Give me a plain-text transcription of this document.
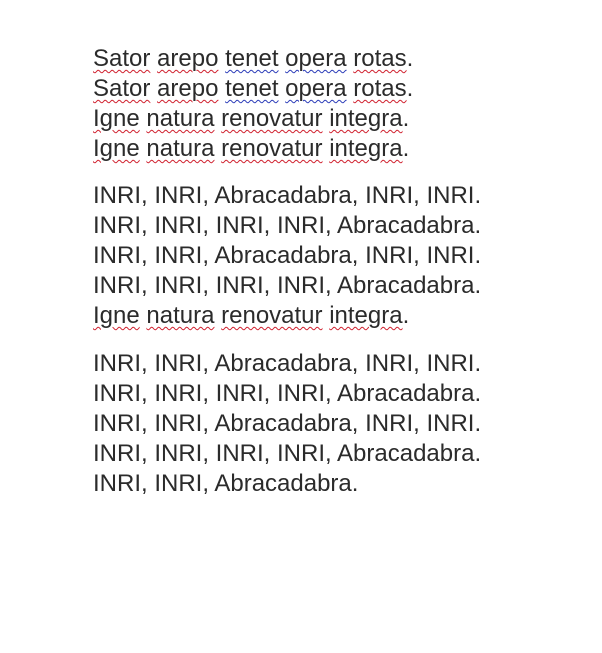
Sator arepo tenet opera rotas.
Sator arepo tenet opera rotas.
Igne natura renovatur integra.
Igne natura renovatur integra.
INRI, INRI, Abracadabra, INRI, INRI.
INRI, INRI, INRI, INRI, Abracadabra.
INRI, INRI, Abracadabra, INRI, INRI.
INRI, INRI, INRI, INRI, Abracadabra.
Igne natura renovatur integra.
INRI, INRI, Abracadabra, INRI, INRI.
INRI, INRI, INRI, INRI, Abracadabra.
INRI, INRI, Abracadabra, INRI, INRI.
INRI, INRI, INRI, INRI, Abracadabra.
INRI, INRI, Abracadabra.
